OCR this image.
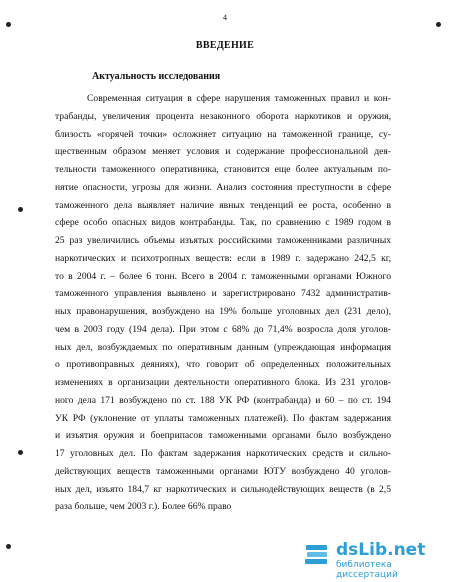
4
ВВЕДЕНИЕ
Актуальность исследования
Современная ситуация в сфере нарушения таможенных правил и кон-
трабанды, увеличения процента незаконного оборота наркотиков и оружия,
близость «горячей точки» осложняет ситуацию на таможенной границе, су-
щественным образом меняет условия и содержание профессиональной дея-
тельности таможенного оперативника, становится еще более актуальным по-
нятие опасности, угрозы для жизни. Анализ состояния преступности в сфере
таможенного дела выявляет наличие явных тенденций ее роста, особенно в
сфере особо опасных видов контрабанды. Так, по сравнению с 1989 годом в
25 раз увеличились объемы изъятых российскими таможенниками различных
наркотических и психотропных веществ: если в 1989 г. задержано 242,5 кг,
то в 2004 г. – более 6 тонн. Всего в 2004 г. таможенными органами Южного
таможенного управления выявлено и зарегистрировано 7432 административ-
ных правонарушения, возбуждено на 19% больше уголовных дел (231 дело),
чем в 2003 году (194 дела). При этом с 68% до 71,4% возросла доля уголов-
ных дел, возбуждаемых по оперативным данным (упреждающая информация
о противоправных деяниях), что говорит об определенных положительных
изменениях в организации деятельности оперативного блока. Из 231 уголов-
ного дела 171 возбуждено по ст. 188 УК РФ (контрабанда) и 60 – по ст. 194
УК РФ (уклонение от уплаты таможенных платежей). По фактам задержания
и изъятия оружия и боеприпасов таможенными органами было возбуждено
17 уголовных дел. По фактам задержания наркотических средств и сильно-
действующих веществ таможенными органами ЮТУ возбуждено 40 уголов-
ных дел, изъято 184,7 кг наркотических и сильнодействующих веществ (в 2,5
раза больше, чем 2003 г.). Более 66% право
dsLib.net
библиотека диссертаций
